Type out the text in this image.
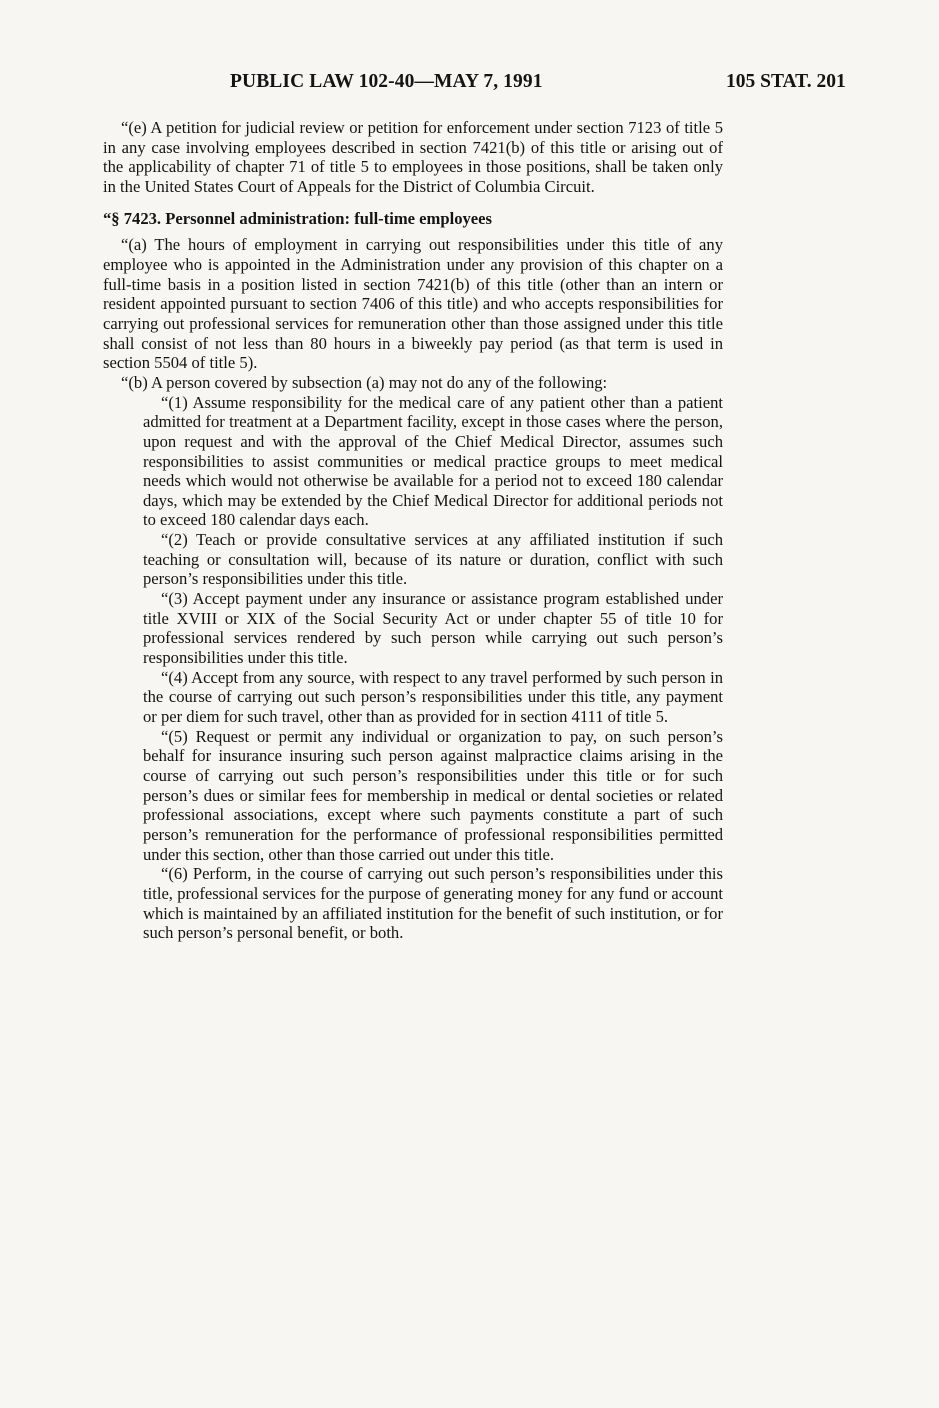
PUBLIC LAW 102-40—MAY 7, 1991	105 STAT. 201

“(e) A petition for judicial review or petition for enforcement under section 7123 of title 5 in any case involving employees described in section 7421(b) of this title or arising out of the applicability of chapter 71 of title 5 to employees in those positions, shall be taken only in the United States Court of Appeals for the District of Columbia Circuit.

“§ 7423. Personnel administration: full-time employees

“(a) The hours of employment in carrying out responsibilities under this title of any employee who is appointed in the Administration under any provision of this chapter on a full-time basis in a position listed in section 7421(b) of this title (other than an intern or resident appointed pursuant to section 7406 of this title) and who accepts responsibilities for carrying out professional services for remuneration other than those assigned under this title shall consist of not less than 80 hours in a biweekly pay period (as that term is used in section 5504 of title 5).

“(b) A person covered by subsection (a) may not do any of the following:

“(1) Assume responsibility for the medical care of any patient other than a patient admitted for treatment at a Department facility, except in those cases where the person, upon request and with the approval of the Chief Medical Director, assumes such responsibilities to assist communities or medical practice groups to meet medical needs which would not otherwise be available for a period not to exceed 180 calendar days, which may be extended by the Chief Medical Director for additional periods not to exceed 180 calendar days each.

“(2) Teach or provide consultative services at any affiliated institution if such teaching or consultation will, because of its nature or duration, conflict with such person’s responsibilities under this title.

“(3) Accept payment under any insurance or assistance program established under title XVIII or XIX of the Social Security Act or under chapter 55 of title 10 for professional services rendered by such person while carrying out such person’s responsibilities under this title.

“(4) Accept from any source, with respect to any travel performed by such person in the course of carrying out such person’s responsibilities under this title, any payment or per diem for such travel, other than as provided for in section 4111 of title 5.

“(5) Request or permit any individual or organization to pay, on such person’s behalf for insurance insuring such person against malpractice claims arising in the course of carrying out such person’s responsibilities under this title or for such person’s dues or similar fees for membership in medical or dental societies or related professional associations, except where such payments constitute a part of such person’s remuneration for the performance of professional responsibilities permitted under this section, other than those carried out under this title.

“(6) Perform, in the course of carrying out such person’s responsibilities under this title, professional services for the purpose of generating money for any fund or account which is maintained by an affiliated institution for the benefit of such institution, or for such person’s personal benefit, or both.
